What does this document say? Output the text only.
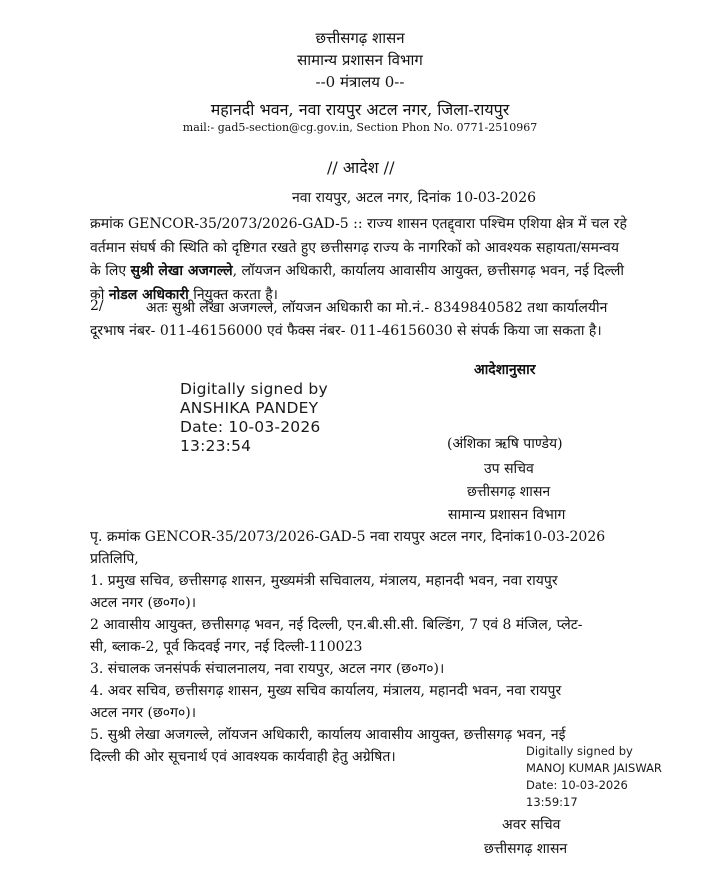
छत्तीसगढ़ शासन
सामान्य प्रशासन विभाग
--0 मंत्रालय 0--
महानदी भवन, नवा रायपुर अटल नगर, जिला-रायपुर
mail:- gad5-section@cg.gov.in, Section Phon No. 0771-2510967
// आदेश //
नवा रायपुर, अटल नगर, दिनांक 10-03-2026
क्रमांक GENCOR-35/2073/2026-GAD-5 :: राज्य शासन एतद्द्वारा पश्चिम एशिया क्षेत्र में चल रहे वर्तमान संघर्ष की स्थिति को दृष्टिगत रखते हुए छत्तीसगढ़ राज्य के नागरिकों को आवश्यक सहायता/समन्वय के लिए सुश्री लेखा अजगल्ले, लॉयजन अधिकारी, कार्यालय आवासीय आयुक्त, छत्तीसगढ़ भवन, नई दिल्ली को नोडल अधिकारी नियुक्त करता है।
2/	अतः सुश्री लेखा अजगल्ले, लॉयजन अधिकारी का मो.नं.- 8349840582 तथा कार्यालयीन
दूरभाष नंबर- 011-46156000 एवं फैक्स नंबर- 011-46156030 से संपर्क किया जा सकता है।
आदेशानुसार
Digitally signed by
ANSHIKA PANDEY
Date: 10-03-2026
13:23:54	(अंशिका ऋषि पाण्डेय)
उप सचिव
छत्तीसगढ़ शासन
सामान्य प्रशासन विभाग
पृ. क्रमांक GENCOR-35/2073/2026-GAD-5 नवा रायपुर अटल नगर, दिनांक10-03-2026
प्रतिलिपि,
1. प्रमुख सचिव, छत्तीसगढ़ शासन, मुख्यमंत्री सचिवालय, मंत्रालय, महानदी भवन, नवा रायपुर
अटल नगर (छ०ग०)।
2 आवासीय आयुक्त, छत्तीसगढ़ भवन, नई दिल्ली, एन.बी.सी.सी. बिल्डिंग, 7 एवं 8 मंजिल, प्लेट-
सी, ब्लाक-2, पूर्व किदवई नगर, नई दिल्ली-110023
3. संचालक जनसंपर्क संचालनालय, नवा रायपुर, अटल नगर (छ०ग०)।
4. अवर सचिव, छत्तीसगढ़ शासन, मुख्य सचिव कार्यालय, मंत्रालय, महानदी भवन, नवा रायपुर
अटल नगर (छ०ग०)।
5. सुश्री लेखा अजगल्ले, लॉयजन अधिकारी, कार्यालय आवासीय आयुक्त, छत्तीसगढ़ भवन, नई
दिल्ली की ओर सूचनार्थ एवं आवश्यक कार्यवाही हेतु अग्रेषित।	Digitally signed by
MANOJ KUMAR JAISWAR
Date: 10-03-2026
13:59:17
अवर सचिव
छत्तीसगढ़ शासन
